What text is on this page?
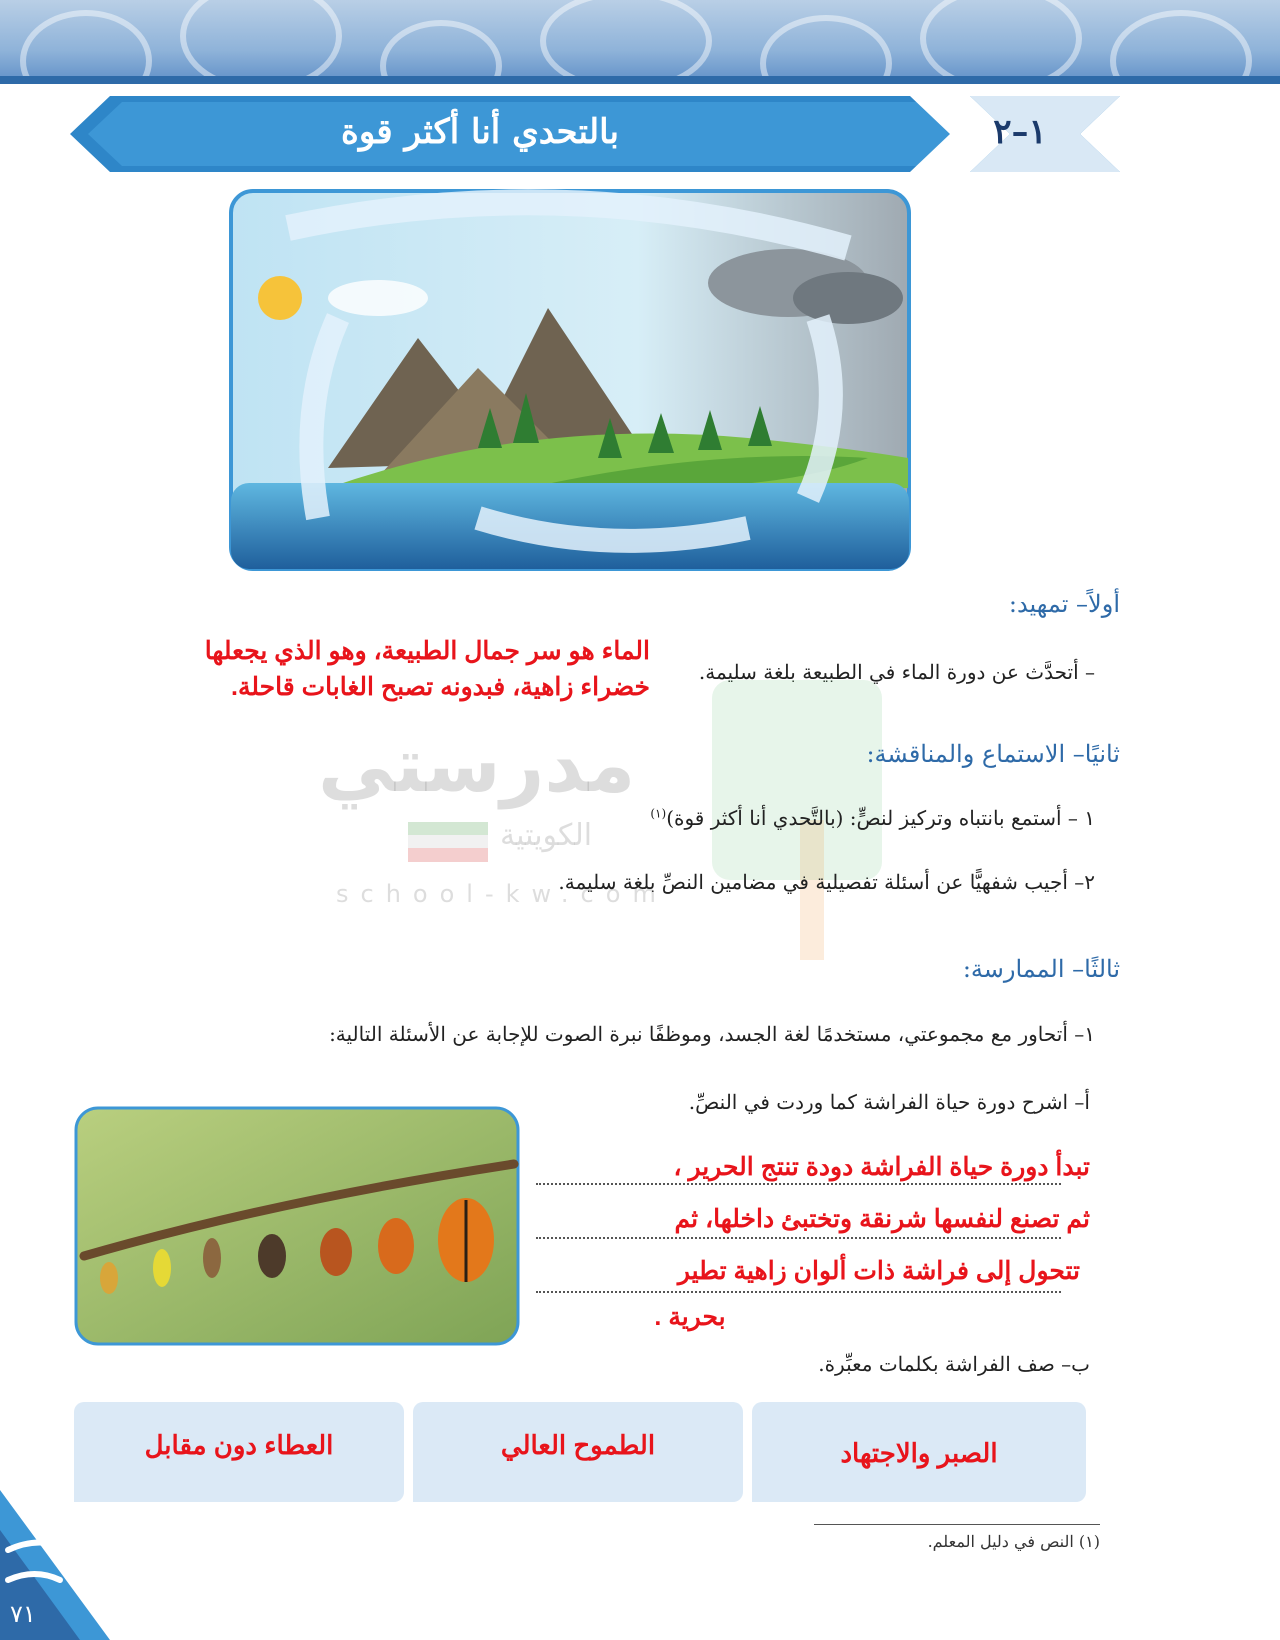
بالتحدي أنا أكثر قوة	١–٢
أولاً– تمهيد:
– أتحدَّث عن دورة الماء في الطبيعة بلغة سليمة.
الماء هو سر جمال الطبيعة، وهو الذي يجعلها
خضراء زاهية، فبدونه تصبح الغابات قاحلة.
مدرستي
الكويتية
school-kw.com
ثانيًا– الاستماع والمناقشة:
١ – أستمع بانتباه وتركيز لنصٍّ: (بالتَّحدي أنا أكثر قوة)$^{(١)}$
٢– أجيب شفهيًّا عن أسئلة تفصيلية في مضامين النصِّ بلغة سليمة.
ثالثًا– الممارسة:
١– أتحاور مع مجموعتي، مستخدمًا لغة الجسد، وموظفًا نبرة الصوت للإجابة عن الأسئلة التالية:
أ– اشرح دورة حياة الفراشة كما وردت في النصِّ.
تبدأ دورة حياة الفراشة دودة تنتج الحرير ،
ثم تصنع لنفسها شرنقة وتختبئ داخلها، ثم
تتحول إلى فراشة ذات ألوان زاهية تطير
بحرية .
ب– صف الفراشة بكلمات معبِّرة.
الصبر والاجتهاد
الطموح العالي
العطاء دون مقابل
(١) النص في دليل المعلم.
٧١
